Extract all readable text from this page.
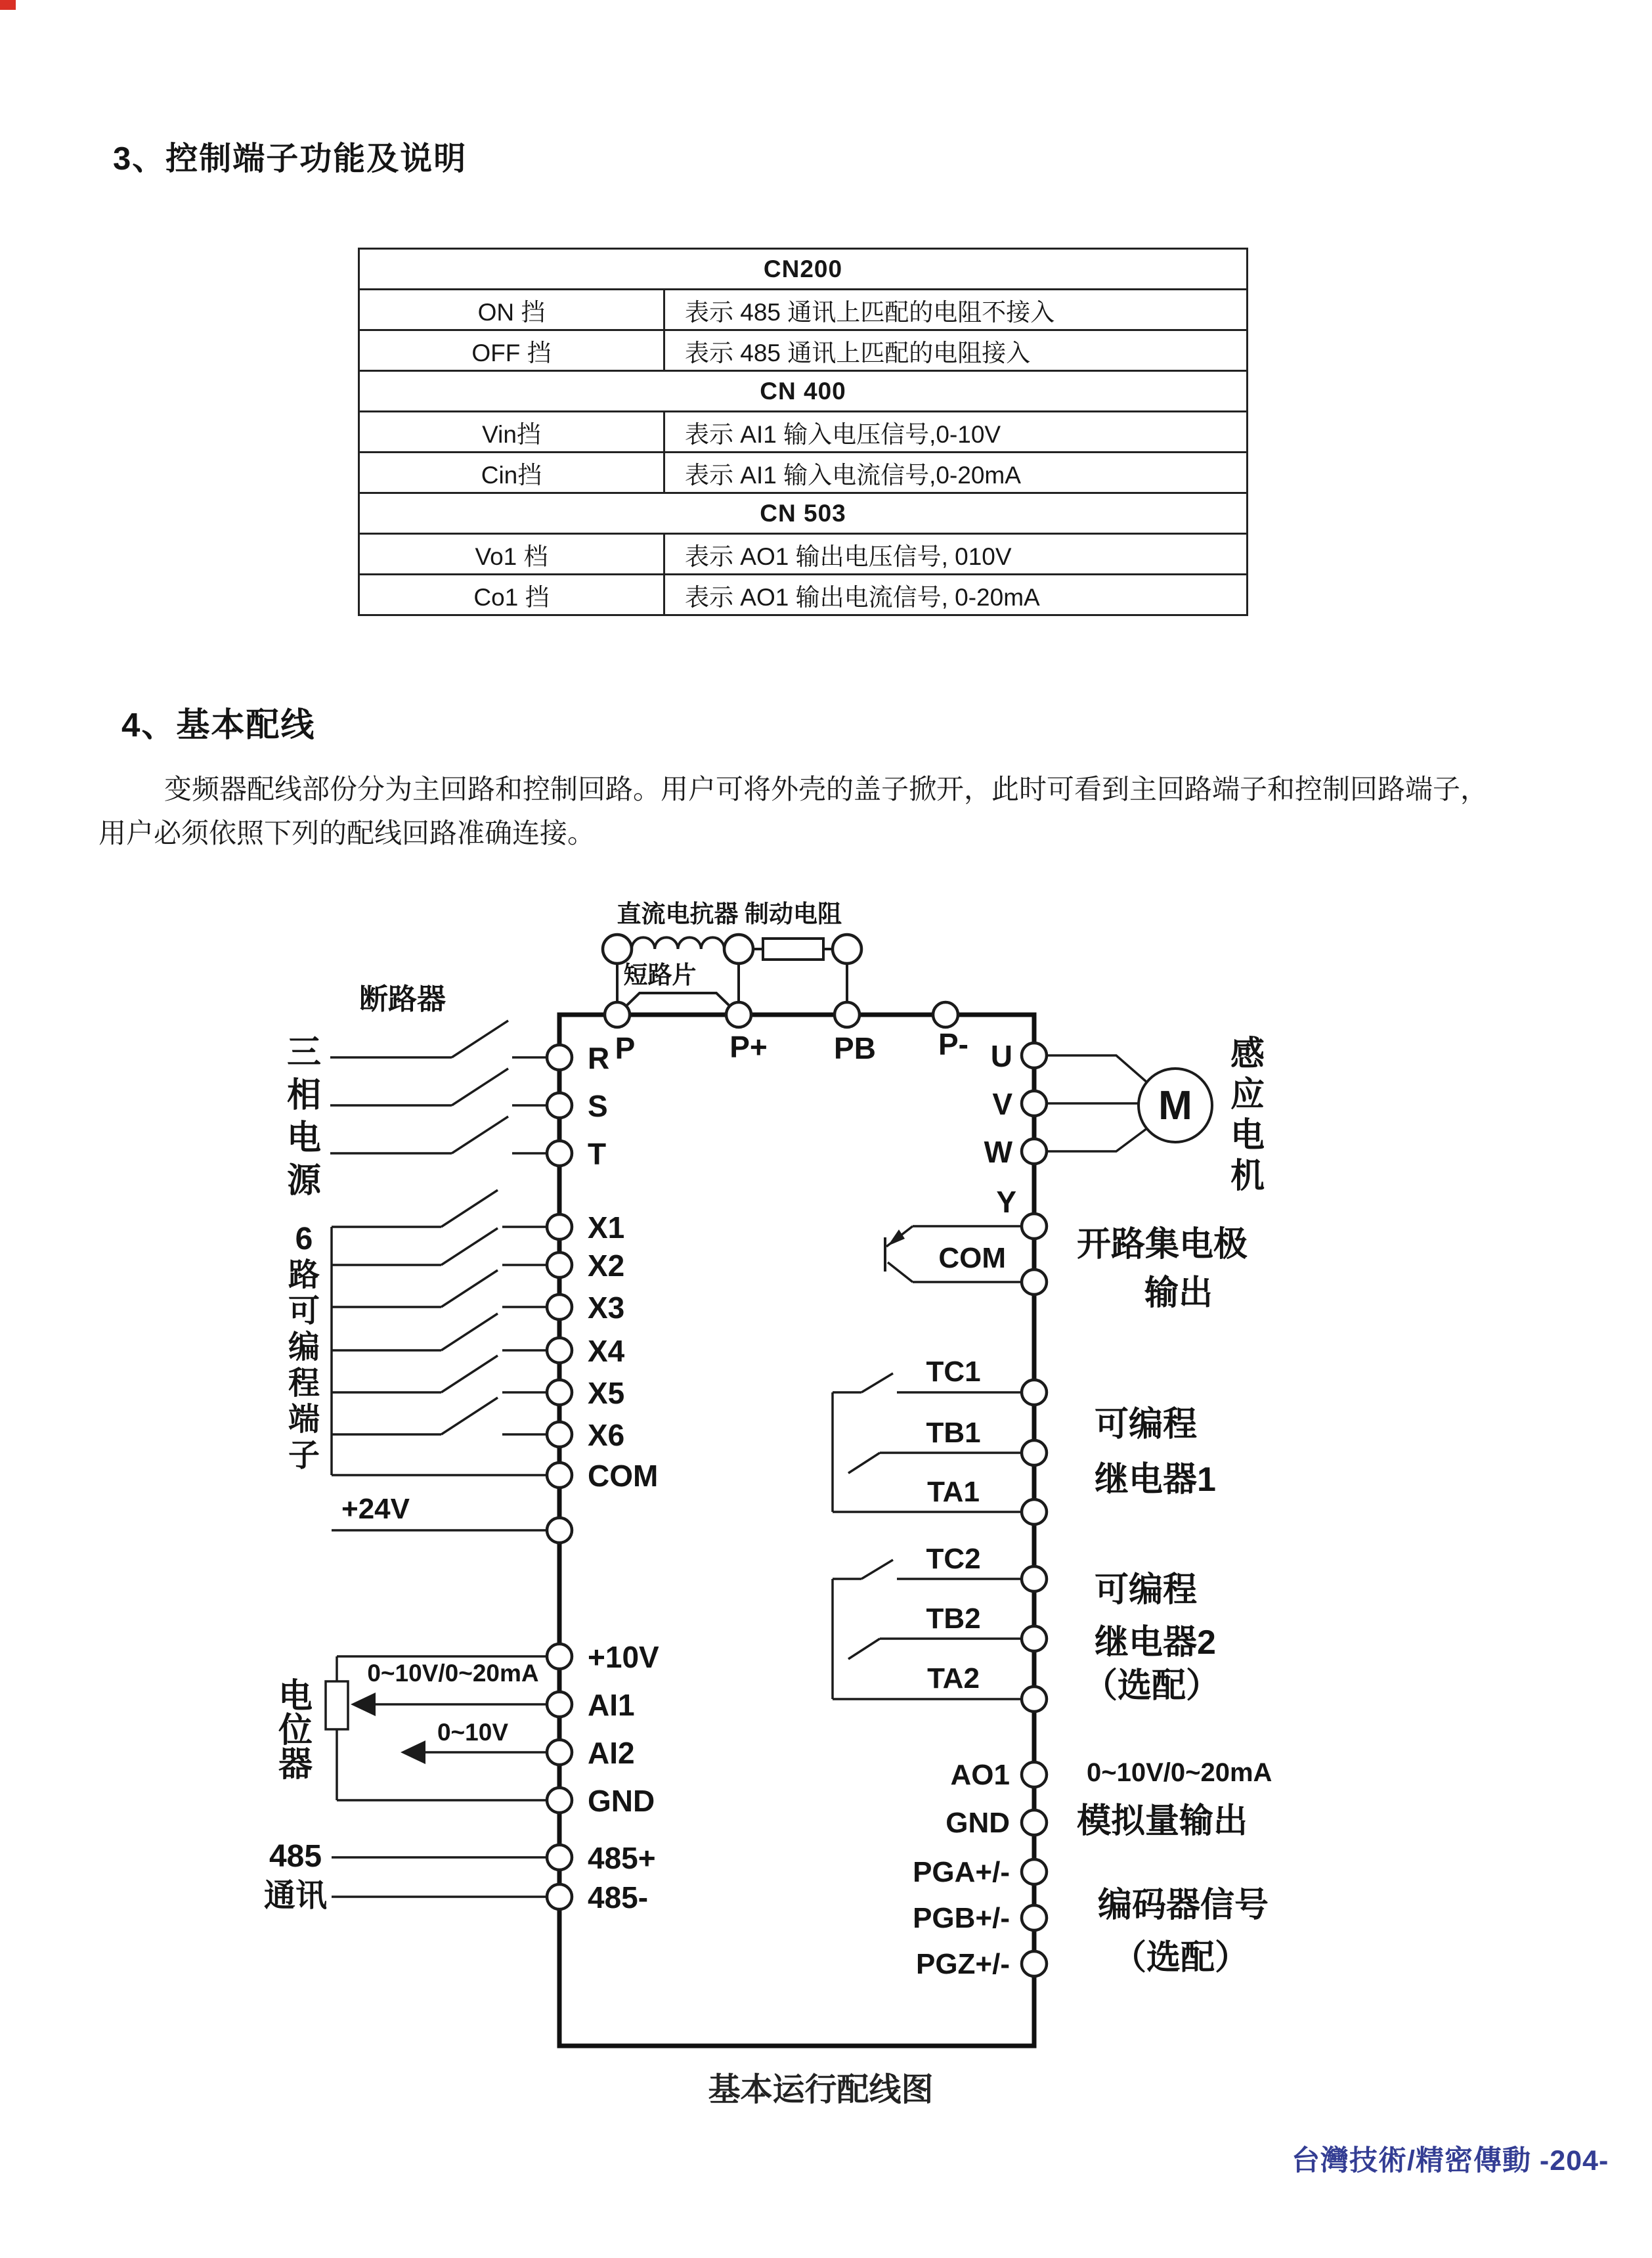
3、控制端子功能及说明
CN200	
ON 挡	表示 485 通讯上匹配的电阻不接入
OFF 挡	表示 485 通讯上匹配的电阻接入
CN 400	
Vin挡	表示 AI1 输入电压信号,0-10V
Cin挡	表示 AI1 输入电流信号,0-20mA
CN 503	
Vo1 档	表示 AO1 输出电压信号, 010V
Co1 挡	表示 AO1 输出电流信号, 0-20mA
4、基本配线
变频器配线部份分为主回路和控制回路。用户可将外壳的盖子掀开，此时可看到主回路端子和控制回路端子，用户必须依照下列的配线回路准确连接。
直流电抗器 制动电阻
短路片
P	P+ PB P-
断路器
三
相
电
源
6
路
可
编
程
端
子
+24V
0~10V/0~20mA
0~10V
电
位
器
485
通讯
R
S
T
X1
X2
X3
X4
X5
X6
COM
+10V
AI1
AI2
GND
485+
485-
U
V
W
Y
COM
TC1
TB1
TA1
TC2
TB2
TA2
AO1
GND
PGA+/-
PGB+/-
PGZ+/-
M
感
应
电
机
开路集电极
输出
可编程
继电器1
可编程
继电器2
（选配）
0~10V/0~20mA
模拟量输出
编码器信号
（选配）
基本运行配线图
台灣技術/精密傳動 -204-
